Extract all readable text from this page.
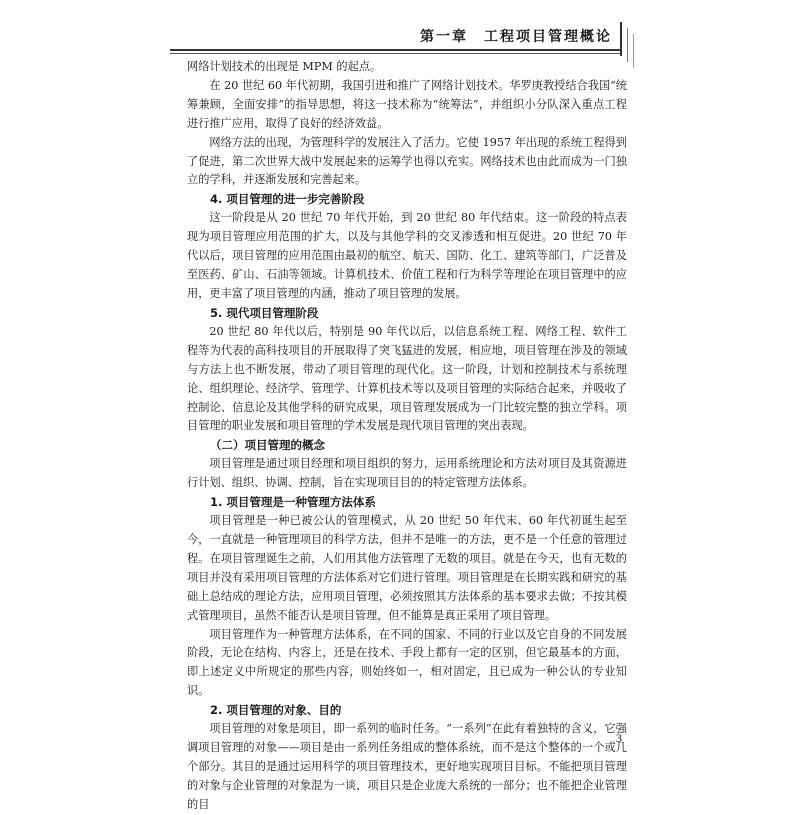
第一章　工程项目管理概论

网络计划技术的出现是 MPM 的起点。

在 20 世纪 60 年代初期，我国引进和推广了网络计划技术。华罗庚教授结合我国“统筹兼顾，全面安排”的指导思想，将这一技术称为“统筹法”，并组织小分队深入重点工程进行推广应用，取得了良好的经济效益。

网络方法的出现，为管理科学的发展注入了活力。它使 1957 年出现的系统工程得到了促进，第二次世界大战中发展起来的运筹学也得以充实。网络技术也由此而成为一门独立的学科，并逐渐发展和完善起来。

4. 项目管理的进一步完善阶段

这一阶段是从 20 世纪 70 年代开始，到 20 世纪 80 年代结束。这一阶段的特点表现为项目管理应用范围的扩大，以及与其他学科的交叉渗透和相互促进。20 世纪 70 年代以后，项目管理的应用范围由最初的航空、航天、国防、化工、建筑等部门，广泛普及至医药、矿山、石油等领域。计算机技术、价值工程和行为科学等理论在项目管理中的应用，更丰富了项目管理的内涵，推动了项目管理的发展。

5. 现代项目管理阶段

20 世纪 80 年代以后，特别是 90 年代以后，以信息系统工程、网络工程、软件工程等为代表的高科技项目的开展取得了突飞猛进的发展，相应地，项目管理在涉及的领域与方法上也不断发展，带动了项目管理的现代化。这一阶段，计划和控制技术与系统理论、组织理论、经济学、管理学、计算机技术等以及项目管理的实际结合起来，并吸收了控制论、信息论及其他学科的研究成果，项目管理发展成为一门比较完整的独立学科。项目管理的职业发展和项目管理的学术发展是现代项目管理的突出表现。

（二）项目管理的概念

项目管理是通过项目经理和项目组织的努力，运用系统理论和方法对项目及其资源进行计划、组织、协调、控制，旨在实现项目目的的特定管理方法体系。

1. 项目管理是一种管理方法体系

项目管理是一种已被公认的管理模式，从 20 世纪 50 年代末、60 年代初诞生起至今，一直就是一种管理项目的科学方法，但并不是唯一的方法，更不是一个任意的管理过程。在项目管理诞生之前，人们用其他方法管理了无数的项目。就是在今天，也有无数的项目并没有采用项目管理的方法体系对它们进行管理。项目管理是在长期实践和研究的基础上总结成的理论方法，应用项目管理，必须按照其方法体系的基本要求去做；不按其模式管理项目，虽然不能否认是项目管理，但不能算是真正采用了项目管理。

项目管理作为一种管理方法体系，在不同的国家、不同的行业以及它自身的不同发展阶段，无论在结构、内容上，还是在技术、手段上都有一定的区别，但它最基本的方面，即上述定义中所规定的那些内容，则始终如一，相对固定，且已成为一种公认的专业知识。

2. 项目管理的对象、目的

项目管理的对象是项目，即一系列的临时任务。“一系列”在此有着独特的含义，它强调项目管理的对象——项目是由一系列任务组成的整体系统，而不是这个整体的一个或几个部分。其目的是通过运用科学的项目管理技术，更好地实现项目目标。不能把项目管理的对象与企业管理的对象混为一谈，项目只是企业庞大系统的一部分；也不能把企业管理的目

3
